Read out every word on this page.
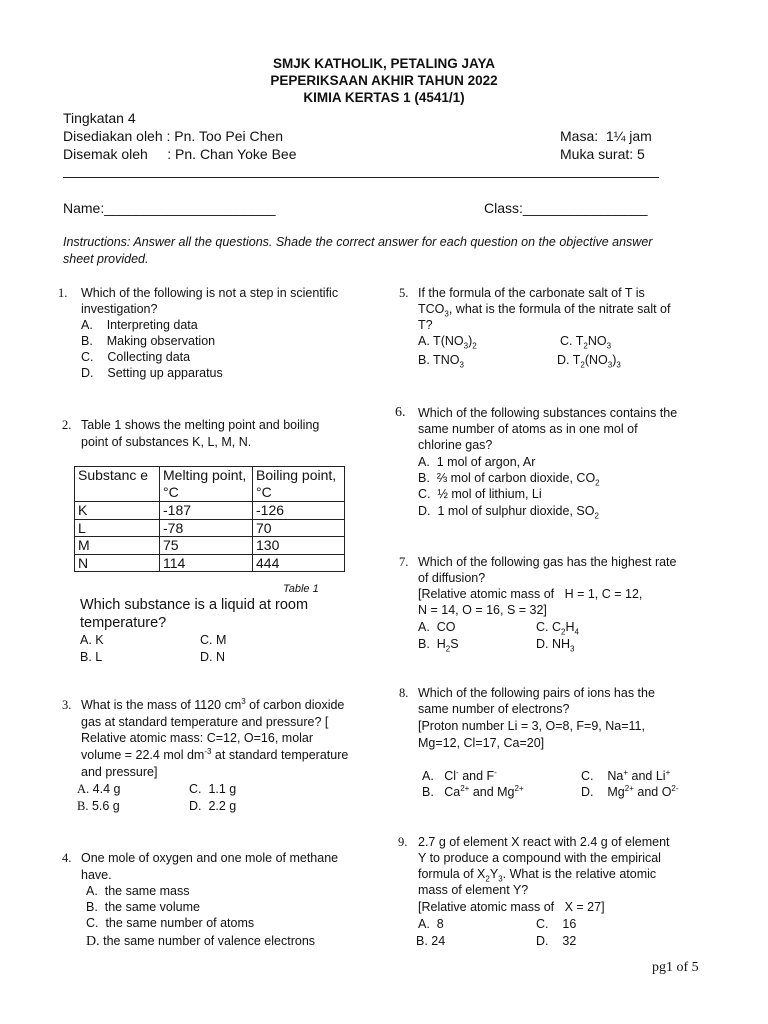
SMJK KATHOLIK, PETALING JAYA
PEPERIKSAAN AKHIR TAHUN 2022
KIMIA KERTAS 1 (4541/1)
Tingkatan 4
Disediakan oleh : Pn. Too Pei Chen
Disemak oleh     : Pn. Chan Yoke Bee
Masa:  1¼ jam
Muka surat: 5
Name:______________________	Class:________________
Instructions: Answer all the questions. Shade the correct answer for each question on the objective answer sheet provided.
1. Which of the following is not a step in scientific
investigation?
A.    Interpreting data
B.    Making observation
C.    Collecting data
D.    Setting up apparatus
2. Table 1 shows the melting point and boiling
point of substances K, L, M, N.
Substanc e	Melting point, °C	Boiling point, °C
K	-187	-126
L	-78	70
M	75	130
N	114	444
Table 1
Which substance is a liquid at room
temperature?
A. K
B. L
C. M
D. N
3. What is the mass of 1120 $cm^3$ of carbon dioxide
gas at standard temperature and pressure? [
Relative atomic mass: C=12, O=16, molar
volume = 22.4 mol $dm^{-3}$ at standard temperature
and pressure]
A. 4.4 g
B. 5.6 g
C.  1.1 g
D.  2.2 g
4. One mole of oxygen and one mole of methane
have.
A.  the same mass
B.  the same volume
C.  the same number of atoms
D. the same number of valence electrons
5. If the formula of the carbonate salt of T is
$TCO_3$, what is the formula of the nitrate salt of
T?
A. $T(NO_3)_2$
B. $TNO_3$
C. $T_2NO_3$
D. $T_2(NO_3)_3$
6. Which of the following substances contains the
same number of atoms as in one mol of
chlorine gas?
A.  1 mol of argon, Ar
B.  ⅔ mol of carbon dioxide, $CO_2$
C.  ½ mol of lithium, Li
D.  1 mol of sulphur dioxide, $SO_2$
7. Which of the following gas has the highest rate
of diffusion?
[Relative atomic mass of   H = 1, C = 12,
N = 14, O = 16, S = 32]
A.  CO
B.  $H_2S$
C. $C_2H_4$
D. $NH_3$
8. Which of the following pairs of ions has the
same number of electrons?
[Proton number Li = 3, O=8, F=9, Na=11,
Mg=12, Cl=17, Ca=20]
A.   Cl- and F-
B.   $Ca^{2+}$ and $Mg^{2+}$
C.    Na+ and Li+
D.    $Mg^{2+}$ and $O^{2-}$
9. 2.7 g of element X react with 2.4 g of element
Y to produce a compound with the empirical
formula of $X_2Y_3$. What is the relative atomic
mass of element Y?
[Relative atomic mass of   X = 27]
A.  8
B. 24
C.    16
D.    32
pg1 of 5
